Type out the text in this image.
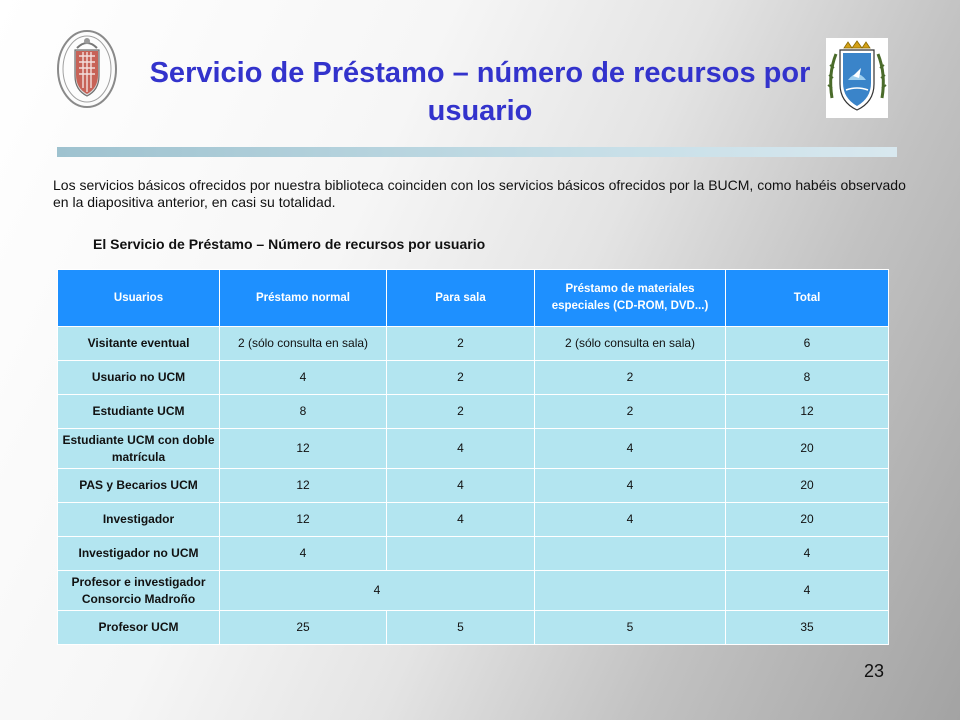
Servicio de Préstamo – número de recursos por usuario
Los servicios básicos ofrecidos por nuestra biblioteca coinciden con los servicios básicos ofrecidos por la BUCM, como habéis observado en la diapositiva anterior, en casi su totalidad.
El Servicio de Préstamo – Número de recursos por usuario
Usuarios	Préstamo normal	Para sala	Préstamo de materiales especiales (CD-ROM, DVD...)	Total
Visitante eventual	2 (sólo consulta en sala)	2	2 (sólo consulta en sala)	6
Usuario no UCM	4	2	2	8
Estudiante UCM	8	2	2	12
Estudiante UCM con doble matrícula	12	4	4	20
PAS y Becarios UCM	12	4	4	20
Investigador	12	4	4	20
Investigador no UCM	4			4
Profesor e investigador Consorcio Madroño	4			4
Profesor UCM	25	5	5	35
23
